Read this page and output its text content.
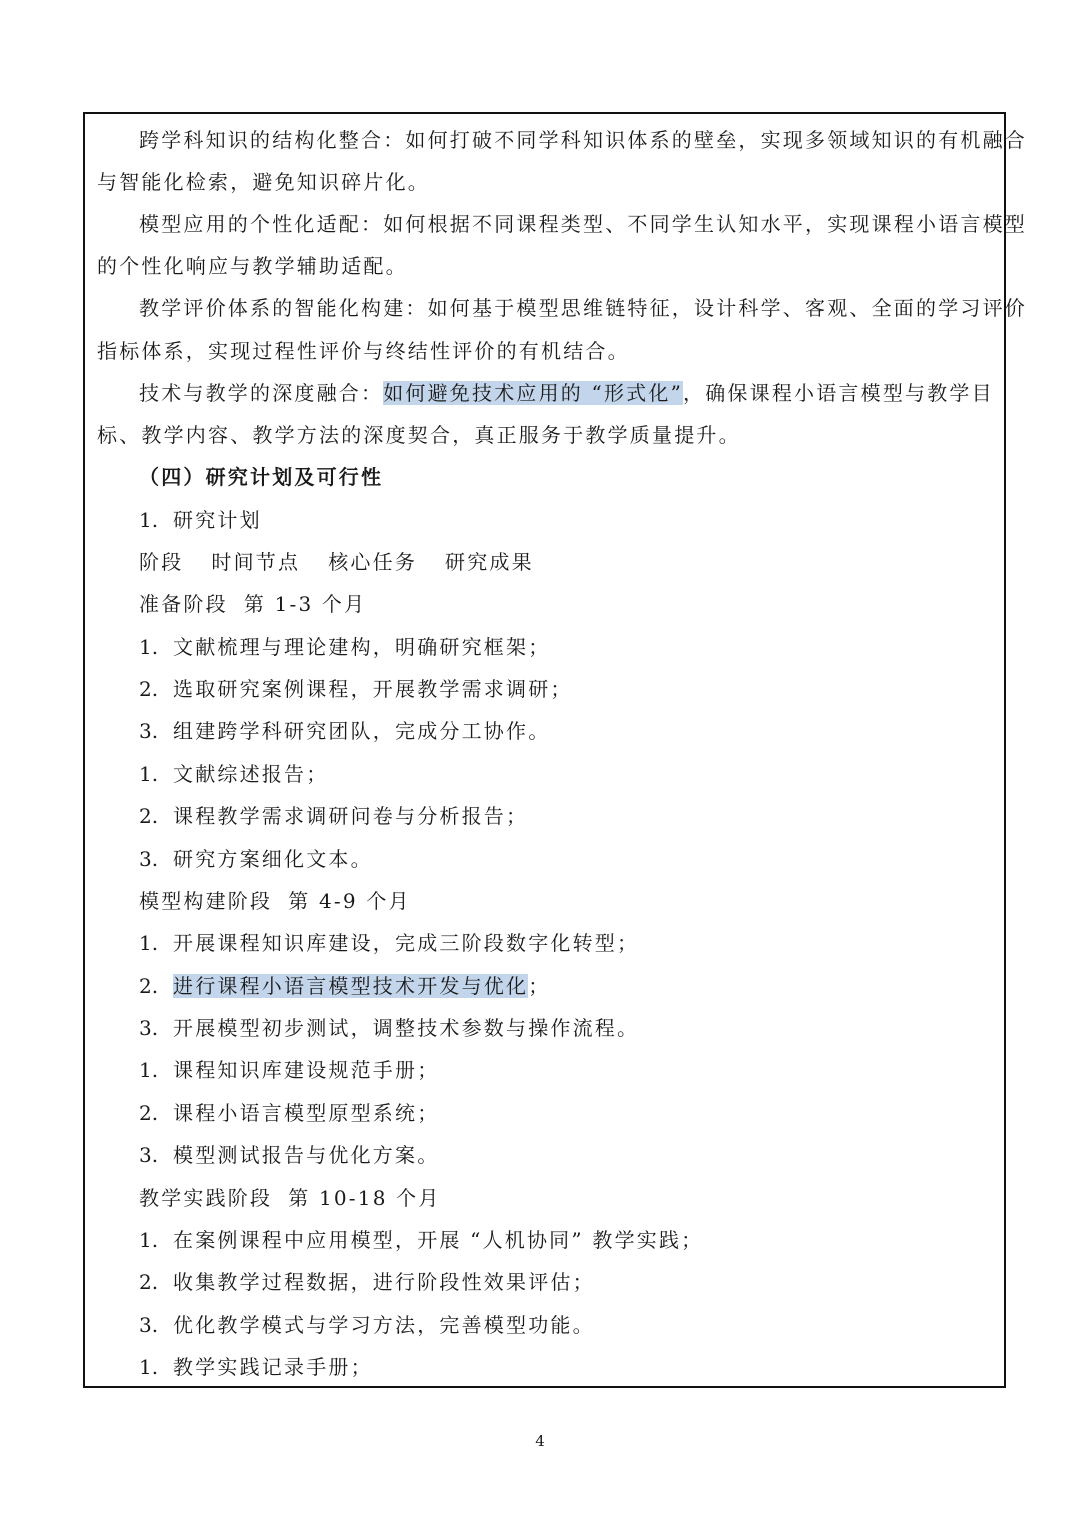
跨学科知识的结构化整合：如何打破不同学科知识体系的壁垒，实现多领域知识的有机融合
与智能化检索，避免知识碎片化。
模型应用的个性化适配：如何根据不同课程类型、不同学生认知水平，实现课程小语言模型
的个性化响应与教学辅助适配。
教学评价体系的智能化构建：如何基于模型思维链特征，设计科学、客观、全面的学习评价
指标体系，实现过程性评价与终结性评价的有机结合。
技术与教学的深度融合：如何避免技术应用的 “形式化”，确保课程小语言模型与教学目
标、教学内容、教学方法的深度契合，真正服务于教学质量提升。
（四）研究计划及可行性
1. 研究计划
阶段 时间节点 核心任务 研究成果
准备阶段 第 1-3 个月
1. 文献梳理与理论建构，明确研究框架；
2. 选取研究案例课程，开展教学需求调研；
3. 组建跨学科研究团队，完成分工协作。
1. 文献综述报告；
2. 课程教学需求调研问卷与分析报告；
3. 研究方案细化文本。
模型构建阶段 第 4-9 个月
1. 开展课程知识库建设，完成三阶段数字化转型；
2. 进行课程小语言模型技术开发与优化；
3. 开展模型初步测试，调整技术参数与操作流程。
1. 课程知识库建设规范手册；
2. 课程小语言模型原型系统；
3. 模型测试报告与优化方案。
教学实践阶段 第 10-18 个月
1. 在案例课程中应用模型，开展 “人机协同” 教学实践；
2. 收集教学过程数据，进行阶段性效果评估；
3. 优化教学模式与学习方法，完善模型功能。
1. 教学实践记录手册；
4
